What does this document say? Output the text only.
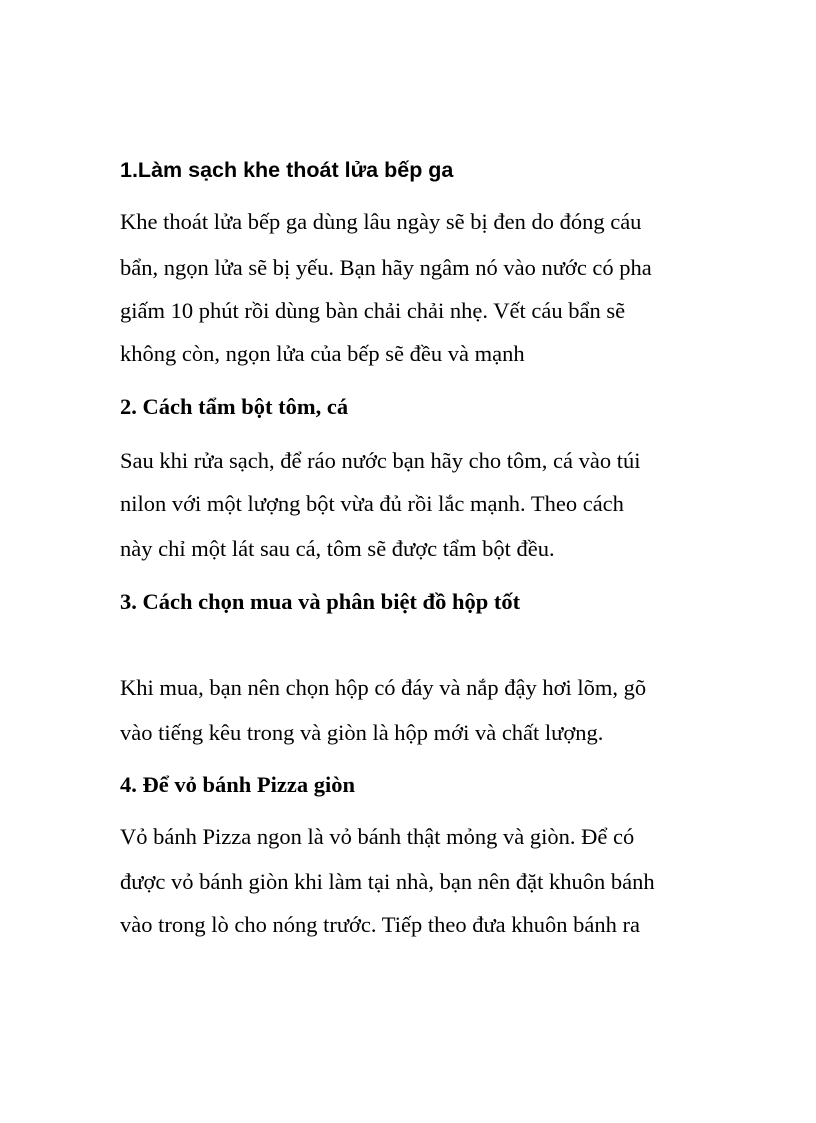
1.Làm sạch khe thoát lửa bếp ga
Khe thoát lửa bếp ga dùng lâu ngày sẽ bị đen do đóng cáu
bẩn, ngọn lửa sẽ bị yếu. Bạn hãy ngâm nó vào nước có pha
giấm 10 phút rồi dùng bàn chải chải nhẹ. Vết cáu bẩn sẽ
không còn, ngọn lửa của bếp sẽ đều và mạnh
2. Cách tẩm bột tôm, cá
Sau khi rửa sạch, để ráo nước bạn hãy cho tôm, cá vào túi
nilon với một lượng bột vừa đủ rồi lắc mạnh. Theo cách
này chỉ một lát sau cá, tôm sẽ được tẩm bột đều.
3. Cách chọn mua và phân biệt đồ hộp tốt
Khi mua, bạn nên chọn hộp có đáy và nắp đậy hơi lõm, gõ
vào tiếng kêu trong và giòn là hộp mới và chất lượng.
4. Để vỏ bánh Pizza giòn
Vỏ bánh Pizza ngon là vỏ bánh thật mỏng và giòn. Để có
được vỏ bánh giòn khi làm tại nhà, bạn nên đặt khuôn bánh
vào trong lò cho nóng trước. Tiếp theo đưa khuôn bánh ra
